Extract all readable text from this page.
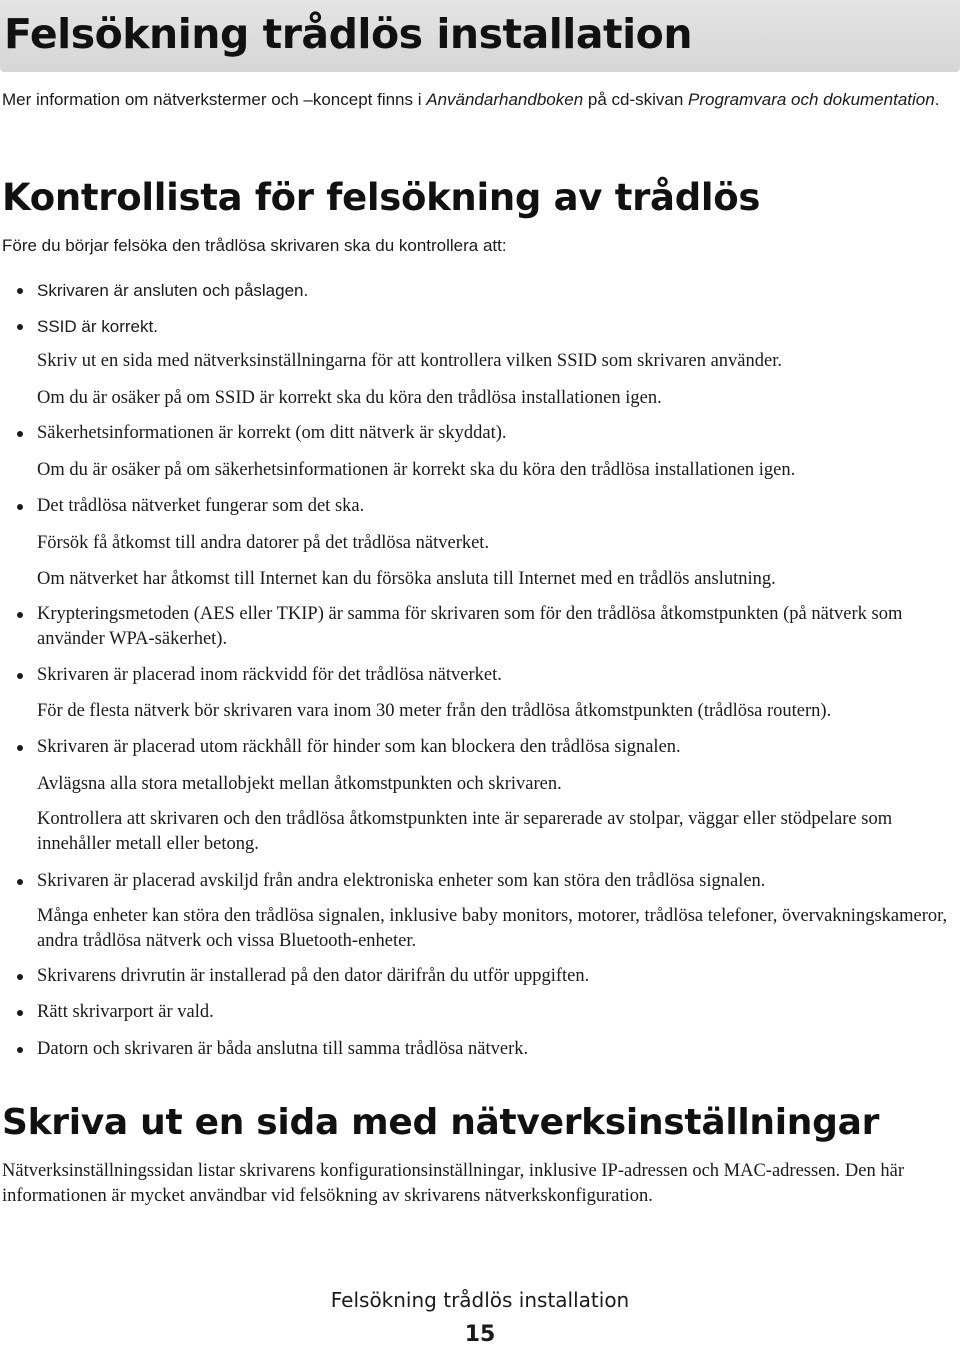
Felsökning trådlös installation

Mer information om nätverkstermer och –koncept finns i Användarhandboken på cd-skivan Programvara och dokumentation.

Kontrollista för felsökning av trådlös

Före du börjar felsöka den trådlösa skrivaren ska du kontrollera att:

Skrivaren är ansluten och påslagen.

SSID är korrekt.

Skriv ut en sida med nätverksinställningarna för att kontrollera vilken SSID som skrivaren använder.

Om du är osäker på om SSID är korrekt ska du köra den trådlösa installationen igen.

Säkerhetsinformationen är korrekt (om ditt nätverk är skyddat).

Om du är osäker på om säkerhetsinformationen är korrekt ska du köra den trådlösa installationen igen.

Det trådlösa nätverket fungerar som det ska.

Försök få åtkomst till andra datorer på det trådlösa nätverket.

Om nätverket har åtkomst till Internet kan du försöka ansluta till Internet med en trådlös anslutning.

Krypteringsmetoden (AES eller TKIP) är samma för skrivaren som för den trådlösa åtkomstpunkten (på nätverk som använder WPA-säkerhet).

Skrivaren är placerad inom räckvidd för det trådlösa nätverket.

För de flesta nätverk bör skrivaren vara inom 30 meter från den trådlösa åtkomstpunkten (trådlösa routern).

Skrivaren är placerad utom räckhåll för hinder som kan blockera den trådlösa signalen.

Avlägsna alla stora metallobjekt mellan åtkomstpunkten och skrivaren.

Kontrollera att skrivaren och den trådlösa åtkomstpunkten inte är separerade av stolpar, väggar eller stödpelare som innehåller metall eller betong.

Skrivaren är placerad avskiljd från andra elektroniska enheter som kan störa den trådlösa signalen.

Många enheter kan störa den trådlösa signalen, inklusive baby monitors, motorer, trådlösa telefoner, övervakningskameror, andra trådlösa nätverk och vissa Bluetooth-enheter.

Skrivarens drivrutin är installerad på den dator därifrån du utför uppgiften.

Rätt skrivarport är vald.

Datorn och skrivaren är båda anslutna till samma trådlösa nätverk.

Skriva ut en sida med nätverksinställningar

Nätverksinställningssidan listar skrivarens konfigurationsinställningar, inklusive IP-adressen och MAC-adressen. Den här informationen är mycket användbar vid felsökning av skrivarens nätverkskonfiguration.

Felsökning trådlös installation

15
